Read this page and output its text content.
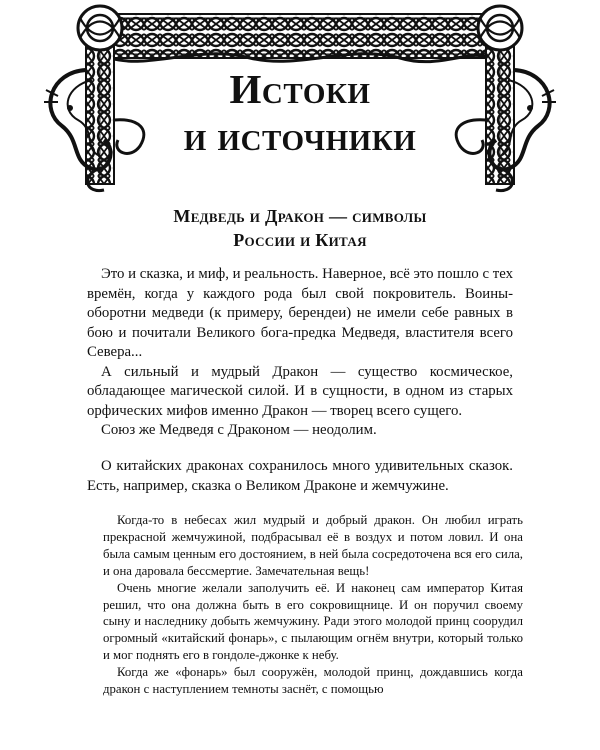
Истоки
и источники
Медведь и Дракон — символы
России и Китая

Это и сказка, и миф, и реальность. Наверное, всё это пошло с тех времён, когда у каждого рода был свой покровитель. Воины-оборотни медведи (к примеру, берендеи) не имели себе равных в бою и почитали Великого бога-предка Медведя, властителя всего Севера...

А сильный и мудрый Дракон — существо космическое, обладающее магической силой. И в сущности, в одном из старых орфических мифов именно Дракон — творец всего сущего.

Союз же Медведя с Драконом — неодолим.

О китайских драконах сохранилось много удивительных сказок. Есть, например, сказка о Великом Драконе и жемчужине.

Когда-то в небесах жил мудрый и добрый дракон. Он любил играть прекрасной жемчужиной, подбрасывал её в воздух и потом ловил. И она была самым ценным его достоянием, в ней была сосредоточена вся его сила, и она даровала бессмертие. Замечательная вещь!

Очень многие желали заполучить её. И наконец сам император Китая решил, что она должна быть в его сокровищнице. И он поручил своему сыну и наследнику добыть жемчужину. Ради этого молодой принц соорудил огромный «китайский фонарь», с пылающим огнём внутри, который только и мог поднять его в гондоле-джонке к небу.

Когда же «фонарь» был сооружён, молодой принц, дождавшись когда дракон с наступлением темноты заснёт, с помощью
